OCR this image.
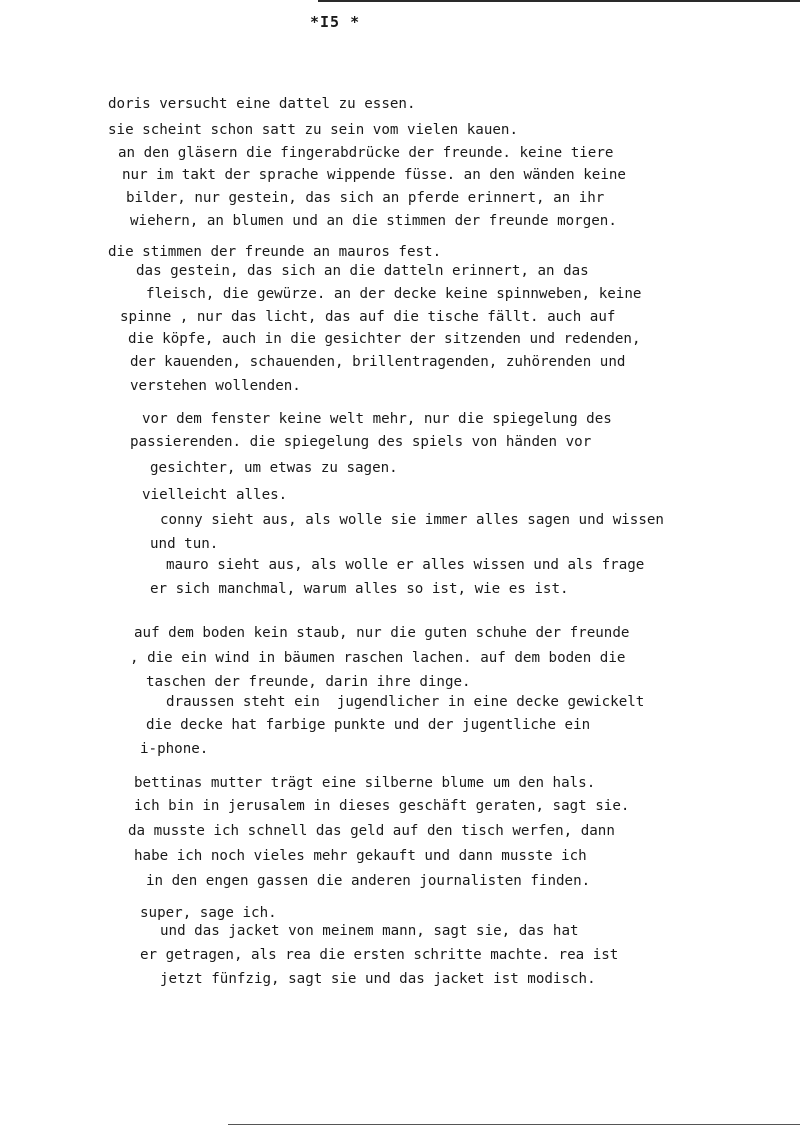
*I5 *
doris versucht eine dattel zu essen.
sie scheint schon satt zu sein vom vielen kauen.
an den gläsern die fingerabdrücke der freunde. keine tiere
nur im takt der sprache wippende füsse. an den wänden keine
bilder, nur gestein, das sich an pferde erinnert, an ihr
wiehern, an blumen und an die stimmen der freunde morgen.
die stimmen der freunde an mauros fest.
das gestein, das sich an die datteln erinnert, an das
fleisch, die gewürze. an der decke keine spinnweben, keine
spinne , nur das licht, das auf die tische fällt. auch auf
die köpfe, auch in die gesichter der sitzenden und redenden,
der kauenden, schauenden, brillentragenden, zuhörenden und
verstehen wollenden.
vor dem fenster keine welt mehr, nur die spiegelung des
passierenden. die spiegelung des spiels von händen vor
gesichter, um etwas zu sagen.
vielleicht alles.
conny sieht aus, als wolle sie immer alles sagen und wissen
und tun.
mauro sieht aus, als wolle er alles wissen und als frage
er sich manchmal, warum alles so ist, wie es ist.
auf dem boden kein staub, nur die guten schuhe der freunde
, die ein wind in bäumen raschen lachen. auf dem boden die
taschen der freunde, darin ihre dinge.
draussen steht ein  jugendlicher in eine decke gewickelt
die decke hat farbige punkte und der jugentliche ein
i-phone.
bettinas mutter trägt eine silberne blume um den hals.
ich bin in jerusalem in dieses geschäft geraten, sagt sie.
da musste ich schnell das geld auf den tisch werfen, dann
habe ich noch vieles mehr gekauft und dann musste ich
in den engen gassen die anderen journalisten finden.
super, sage ich.
und das jacket von meinem mann, sagt sie, das hat
er getragen, als rea die ersten schritte machte. rea ist
jetzt fünfzig, sagt sie und das jacket ist modisch.
